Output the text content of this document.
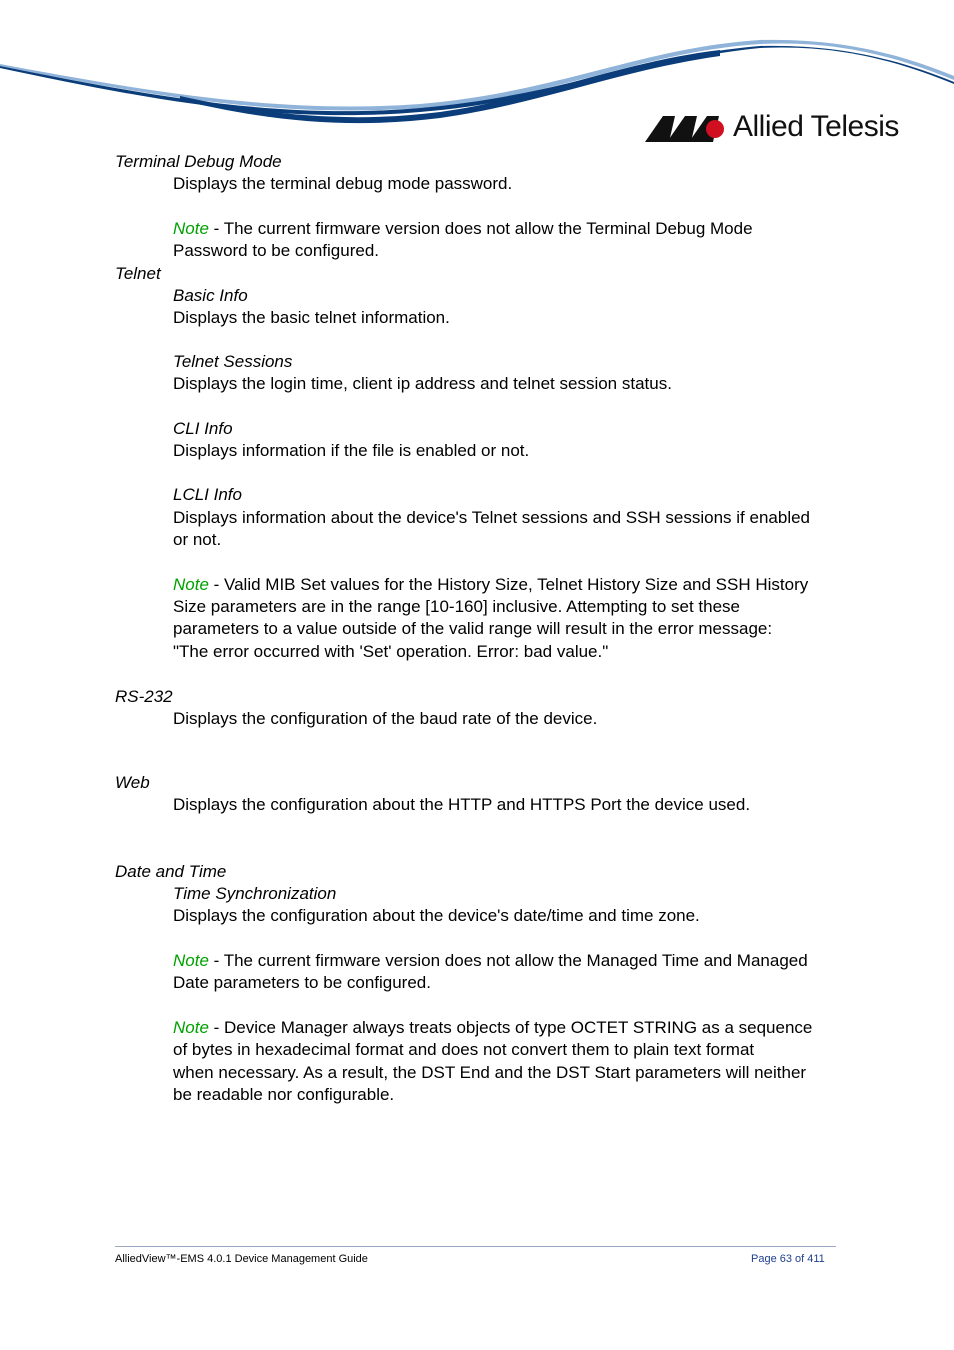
Allied Telesis
Terminal Debug Mode
Displays the terminal debug mode password.
Note - The current firmware version does not allow the Terminal Debug Mode
Password to be configured.
Telnet
Basic Info
Displays the basic telnet information.
Telnet Sessions
Displays the login time, client ip address and telnet session status.
CLI Info
Displays information if the file is enabled or not.
LCLI Info
Displays information about the device's Telnet sessions and SSH sessions if enabled
or not.
Note - Valid MIB Set values for the History Size, Telnet History Size and SSH History
Size parameters are in the range [10-160] inclusive. Attempting to set these
parameters to a value outside of the valid range will result in the error message:
"The error occurred with 'Set' operation. Error: bad value."
RS-232
Displays the configuration of the baud rate of the device.
Web
Displays the configuration about the HTTP and HTTPS Port the device used.
Date and Time
Time Synchronization
Displays the configuration about the device's date/time and time zone.
Note - The current firmware version does not allow the Managed Time and Managed
Date parameters to be configured.
Note - Device Manager always treats objects of type OCTET STRING as a sequence
of bytes in hexadecimal format and does not convert them to plain text format
when necessary. As a result, the DST End and the DST Start parameters will neither
be readable nor configurable.
AlliedView™-EMS 4.0.1 Device Management Guide	Page 63 of 411
